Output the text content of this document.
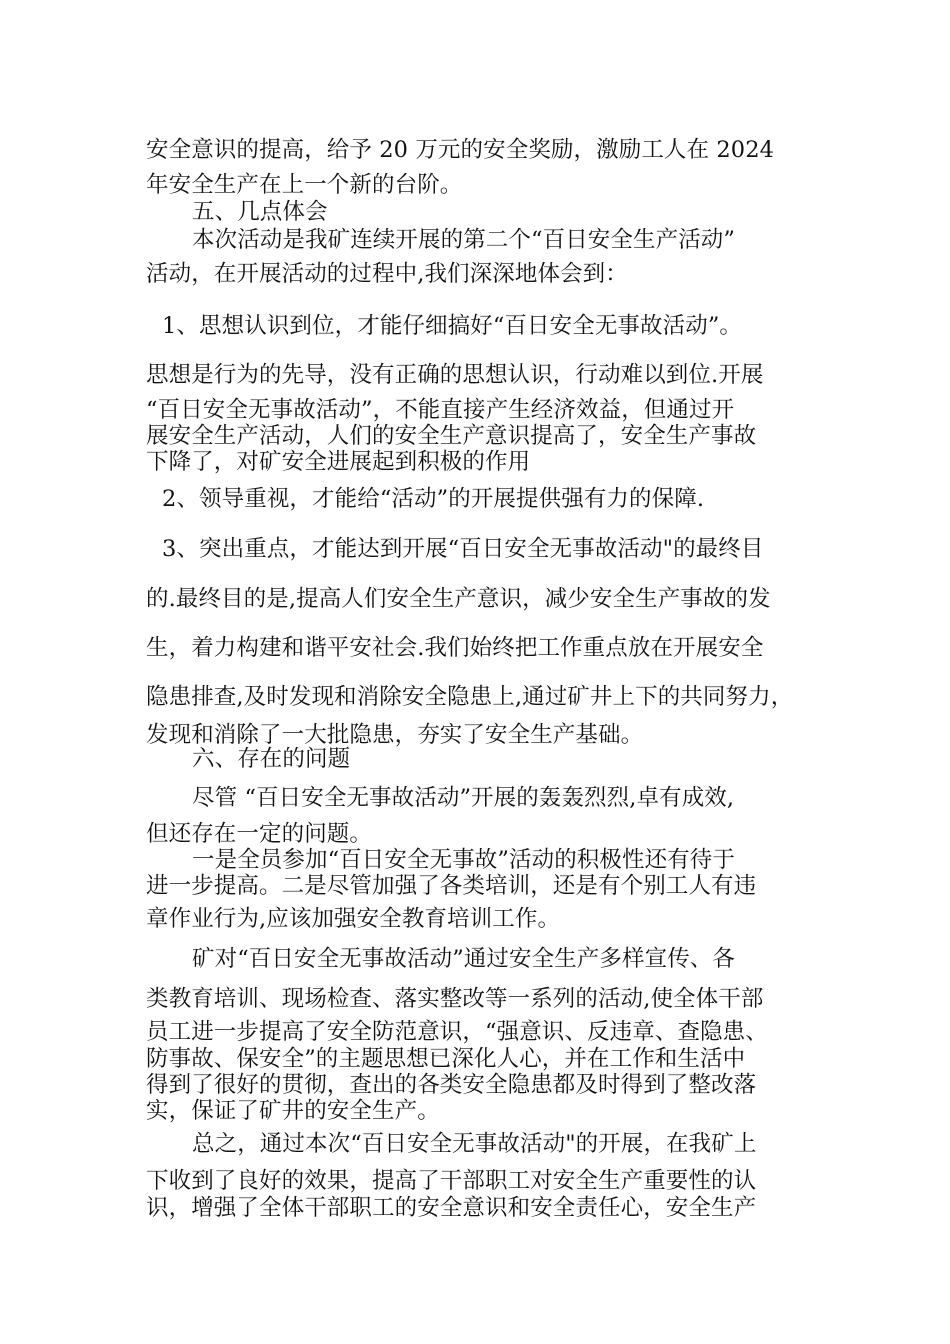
安全意识的提高，给予 20 万元的安全奖励，激励工人在 2024
年安全生产在上一个新的台阶。
五、几点体会
本次活动是我矿连续开展的第二个“百日安全生产活动”
活动，在开展活动的过程中,我们深深地体会到：
1、思想认识到位，才能仔细搞好“百日安全无事故活动”。
思想是行为的先导，没有正确的思想认识，行动难以到位.开展
“百日安全无事故活动”，不能直接产生经济效益，但通过开
展安全生产活动，人们的安全生产意识提高了，安全生产事故
下降了，对矿安全进展起到积极的作用
2、领导重视，才能给“活动”的开展提供强有力的保障.
3、突出重点，才能达到开展“百日安全无事故活动"的最终目
的.最终目的是,提高人们安全生产意识，减少安全生产事故的发
生，着力构建和谐平安社会.我们始终把工作重点放在开展安全
隐患排查,及时发现和消除安全隐患上,通过矿井上下的共同努力，
发现和消除了一大批隐患，夯实了安全生产基础。
六、存在的问题
尽管 “百日安全无事故活动”开展的轰轰烈烈,卓有成效,
但还存在一定的问题。
一是全员参加“百日安全无事故”活动的积极性还有待于
进一步提高。二是尽管加强了各类培训，还是有个别工人有违
章作业行为,应该加强安全教育培训工作。
矿对“百日安全无事故活动”通过安全生产多样宣传、各
类教育培训、现场检查、落实整改等一系列的活动,使全体干部
员工进一步提高了安全防范意识，“强意识、反违章、查隐患、
防事故、保安全”的主题思想已深化人心，并在工作和生活中
得到了很好的贯彻，查出的各类安全隐患都及时得到了整改落
实，保证了矿井的安全生产。
总之，通过本次“百日安全无事故活动"的开展，在我矿上
下收到了良好的效果，提高了干部职工对安全生产重要性的认
识，增强了全体干部职工的安全意识和安全责任心，安全生产
